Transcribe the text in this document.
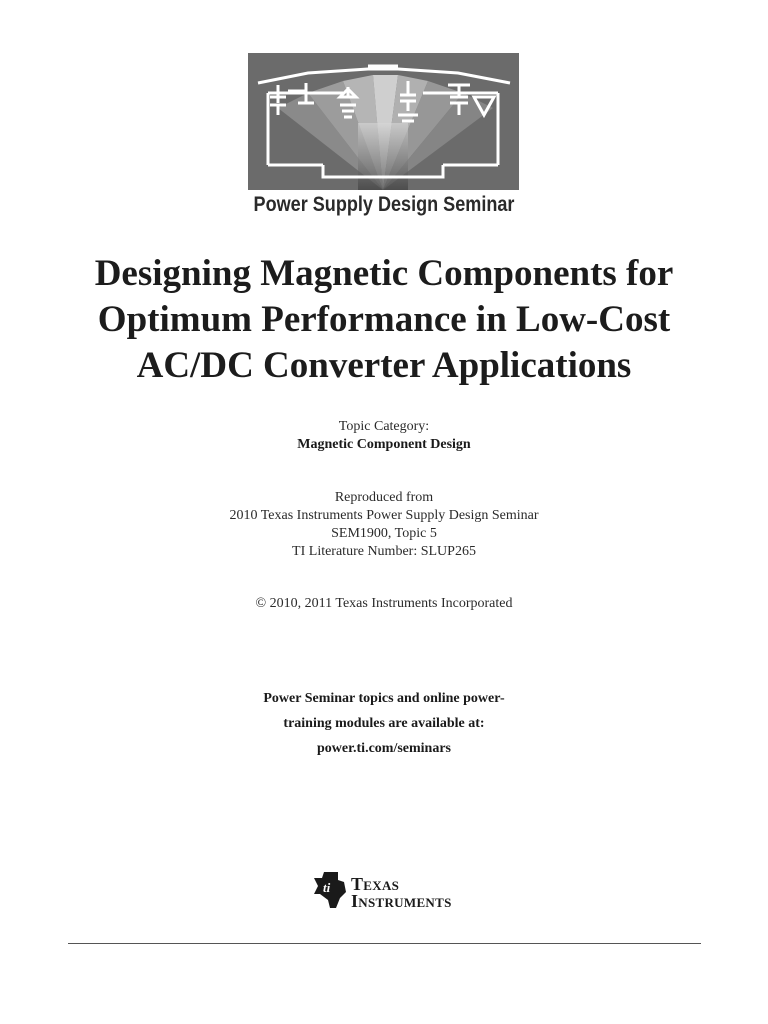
Power Supply Design Seminar
Designing Magnetic Components for
Optimum Performance in Low-Cost
AC/DC Converter Applications
Topic Category:
Magnetic Component Design
Reproduced from
2010 Texas Instruments Power Supply Design Seminar
SEM1900, Topic 5
TI Literature Number: SLUP265
© 2010, 2011 Texas Instruments Incorporated
Power Seminar topics and online power-
training modules are available at:
power.ti.com/seminars
ti Texas
Instruments
